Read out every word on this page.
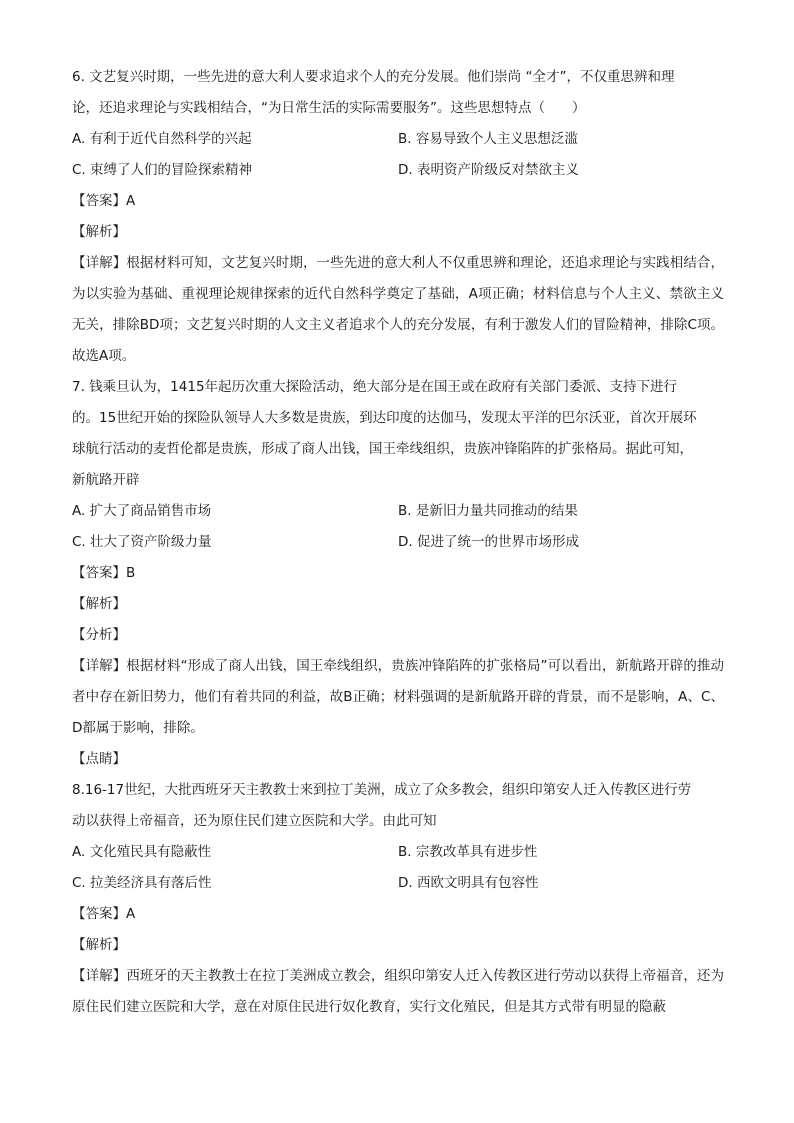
6. 文艺复兴时期，一些先进的意大利人要求追求个人的充分发展。他们崇尚 “全才”，不仅重思辨和理
论，还追求理论与实践相结合，“为日常生活的实际需要服务”。这些思想特点（　　）
A. 有利于近代自然科学的兴起	B. 容易导致个人主义思想泛滥
C. 束缚了人们的冒险探索精神	D. 表明资产阶级反对禁欲主义
【答案】A
【解析】
【详解】根据材料可知，文艺复兴时期，一些先进的意大利人不仅重思辨和理论，还追求理论与实践相结合，为以实验为基础、重视理论规律探索的近代自然科学奠定了基础，A项正确；材料信息与个人主义、禁欲主义无关，排除BD项；文艺复兴时期的人文主义者追求个人的充分发展，有利于激发人们的冒险精神，排除C项。故选A项。
7. 钱乘旦认为，1415年起历次重大探险活动，绝大部分是在国王或在政府有关部门委派、支持下进行
的。15世纪开始的探险队领导人大多数是贵族，到达印度的达伽马，发现太平洋的巴尔沃亚，首次开展环
球航行活动的麦哲伦都是贵族，形成了商人出钱，国王牵线组织，贵族冲锋陷阵的扩张格局。据此可知，
新航路开辟
A. 扩大了商品销售市场	B. 是新旧力量共同推动的结果
C. 壮大了资产阶级力量	D. 促进了统一的世界市场形成
【答案】B
【解析】
【分析】
【详解】根据材料“形成了商人出钱，国王牵线组织，贵族冲锋陷阵的扩张格局”可以看出，新航路开辟的推动者中存在新旧势力，他们有着共同的利益，故B正确；材料强调的是新航路开辟的背景，而不是影响，A、C、D都属于影响，排除。
【点睛】
8.16-17世纪，大批西班牙天主教教士来到拉丁美洲，成立了众多教会，组织印第安人迁入传教区进行劳
动以获得上帝福音，还为原住民们建立医院和大学。由此可知
A. 文化殖民具有隐蔽性	B. 宗教改革具有进步性
C. 拉美经济具有落后性	D. 西欧文明具有包容性
【答案】A
【解析】
【详解】西班牙的天主教教士在拉丁美洲成立教会，组织印第安人迁入传教区进行劳动以获得上帝福音，还为原住民们建立医院和大学，意在对原住民进行奴化教育，实行文化殖民，但是其方式带有明显的隐蔽
